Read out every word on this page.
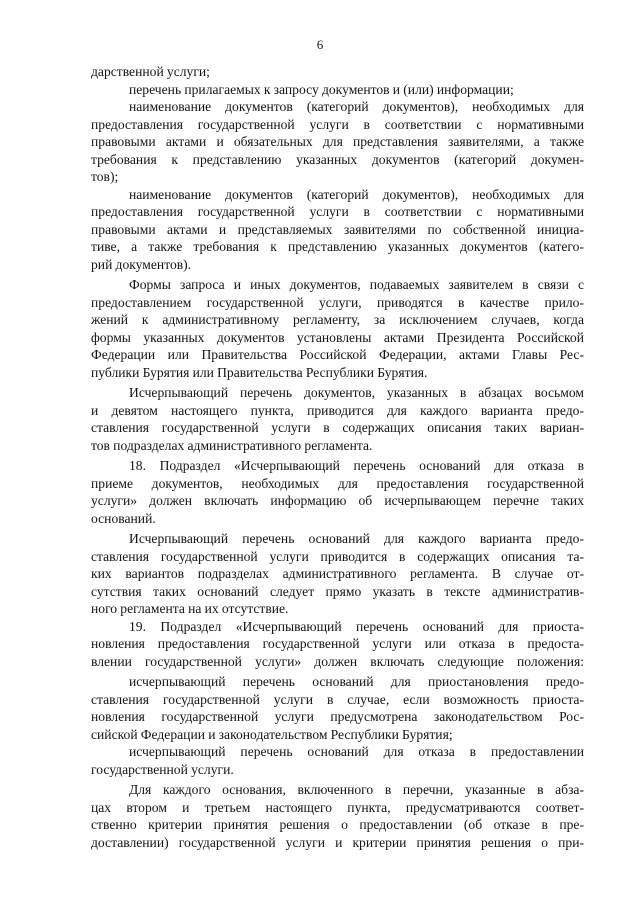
6
дарственной услуги;
перечень прилагаемых к запросу документов и (или) информации;
наименование документов (категорий документов), необходимых для
предоставления государственной услуги в соответствии с нормативными
правовыми актами и обязательных для представления заявителями, а также
требования к представлению указанных документов (категорий докумен-
тов);
наименование документов (категорий документов), необходимых для
предоставления государственной услуги в соответствии с нормативными
правовыми актами и представляемых заявителями по собственной инициа-
тиве, а также требования к представлению указанных документов (катего-
рий документов).
Формы запроса и иных документов, подаваемых заявителем в связи с
предоставлением государственной услуги, приводятся в качестве прило-
жений к административному регламенту, за исключением случаев, когда
формы указанных документов установлены актами Президента Российской
Федерации или Правительства Российской Федерации, актами Главы Рес-
публики Бурятия или Правительства Республики Бурятия.
Исчерпывающий перечень документов, указанных в абзацах восьмом
и девятом настоящего пункта, приводится для каждого варианта предо-
ставления государственной услуги в содержащих описания таких вариан-
тов подразделах административного регламента.
18. Подраздел «Исчерпывающий перечень оснований для отказа в
приеме документов, необходимых для предоставления государственной
услуги» должен включать информацию об исчерпывающем перечне таких
оснований.
Исчерпывающий перечень оснований для каждого варианта предо-
ставления государственной услуги приводится в содержащих описания та-
ких вариантов подразделах административного регламента. В случае от-
сутствия таких оснований следует прямо указать в тексте административ-
ного регламента на их отсутствие.
19. Подраздел «Исчерпывающий перечень оснований для приоста-
новления предоставления государственной услуги или отказа в предоста-
влении государственной услуги» должен включать следующие положения:
исчерпывающий перечень оснований для приостановления предо-
ставления государственной услуги в случае, если возможность приоста-
новления государственной услуги предусмотрена законодательством Рос-
сийской Федерации и законодательством Республики Бурятия;
исчерпывающий перечень оснований для отказа в предоставлении
государственной услуги.
Для каждого основания, включенного в перечни, указанные в абза-
цах втором и третьем настоящего пункта, предусматриваются соответ-
ственно критерии принятия решения о предоставлении (об отказе в пре-
доставлении) государственной услуги и критерии принятия решения о при-
